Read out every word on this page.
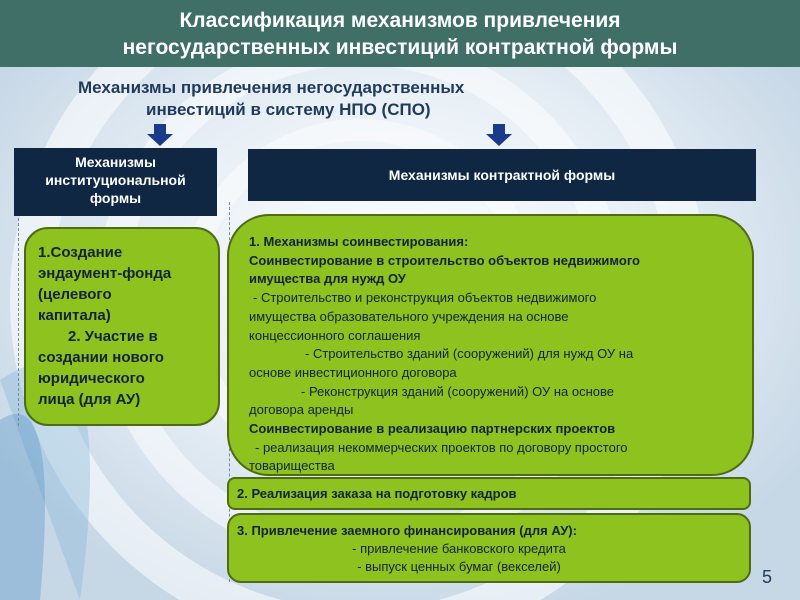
Классификация механизмов привлечения
негосударственных инвестиций контрактной формы
Механизмы привлечения негосударственных
инвестиций в систему НПО (СПО)
Механизмы
институциональной
формы
Механизмы контрактной формы

1.Создание

эндаумент-фонда

(целевого

капитала)

2. Участие в

создании нового

юридического

лица (для АУ)

1. Механизмы соинвестирования:

Соинвестирование в строительство объектов недвижимого

имущества для нужд ОУ

- Строительство и реконструкция объектов недвижимого

имущества образовательного учреждения на основе

концессионного соглашения

- Строительство зданий (сооружений) для нужд ОУ на

основе инвестиционного договора

- Реконструкция зданий (сооружений) ОУ на основе

договора аренды

Соинвестирование в реализацию партнерских проектов

- реализация некоммерческих проектов по договору простого

товарищества

2. Реализация заказа на подготовку кадров

3. Привлечение заемного финансирования (для АУ):

- привлечение банковского кредита

- выпуск ценных бумаг (векселей)

5
